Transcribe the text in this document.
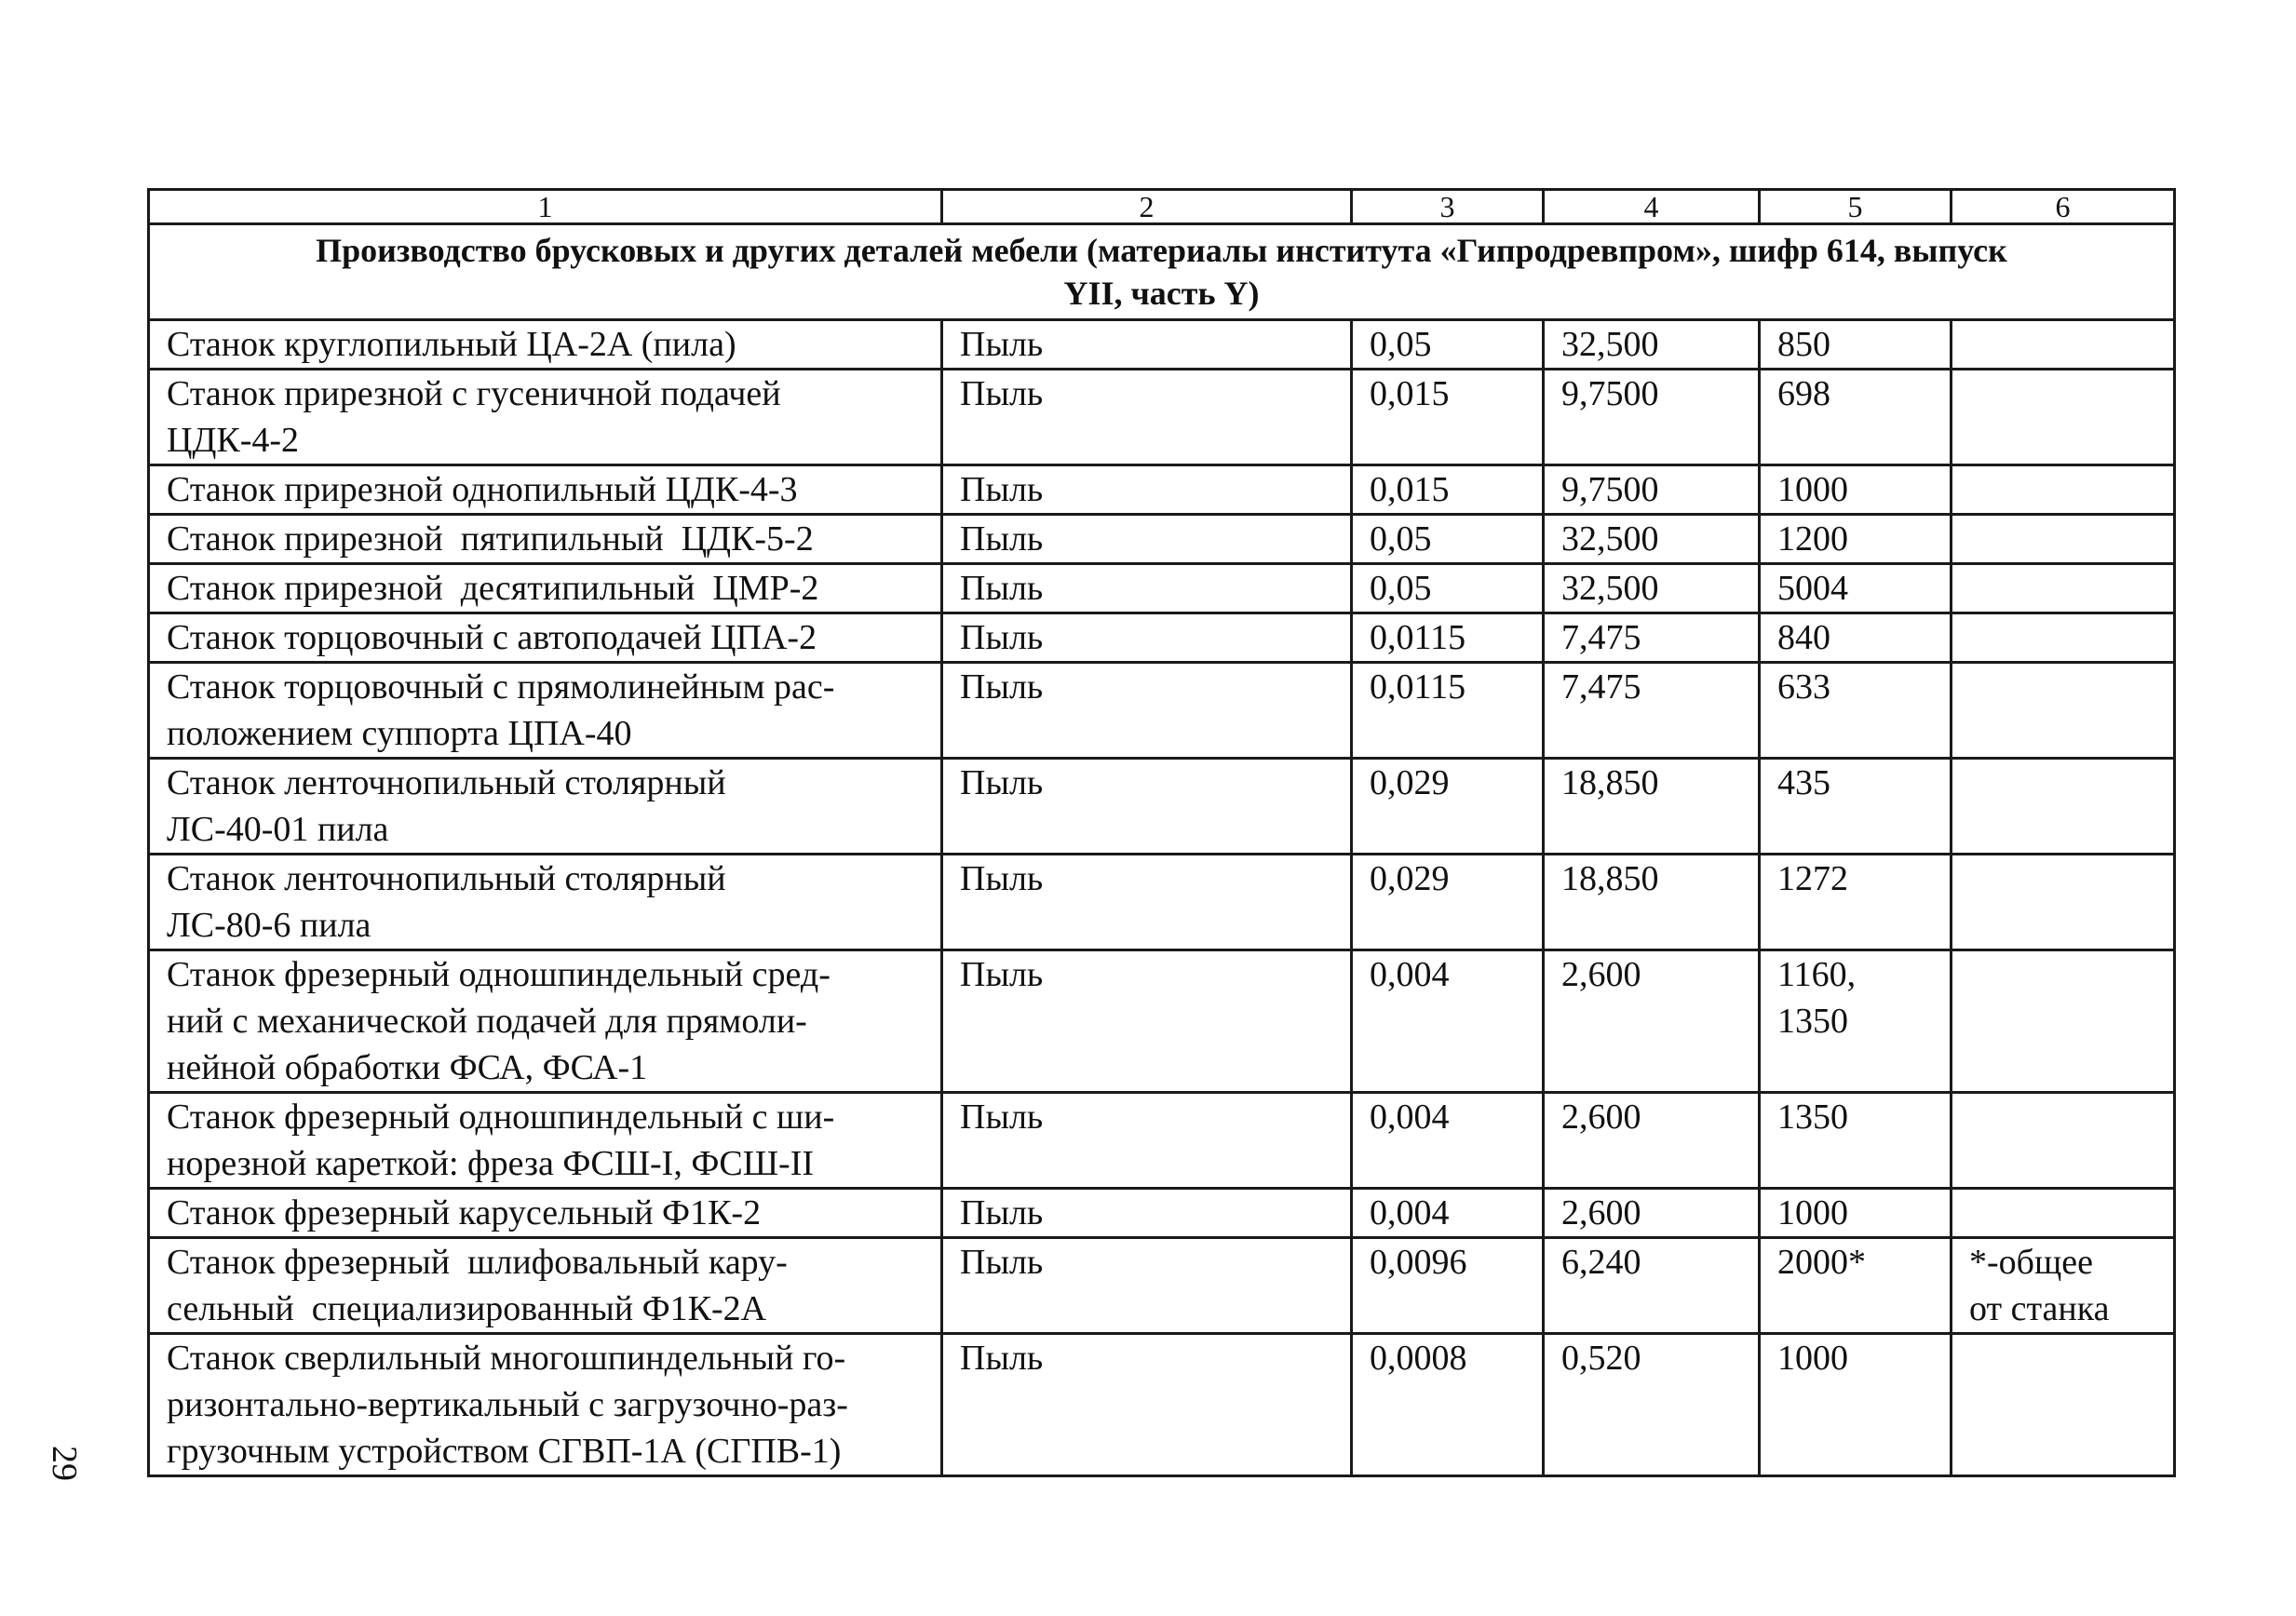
1	2	3	4	5	6

Производство брусковых и других деталей мебели (материалы института «Гипродревпром», шифр 614, выпуск
YII, часть Y)					

Станок круглопильный ЦА-2А (пила)	Пыль	0,05	32,500	850	

Станок прирезной с гусеничной подачей
ЦДК-4-2	Пыль	0,015	9,7500	698	

Станок прирезной однопильный ЦДК-4-3	Пыль	0,015	9,7500	1000	

Станок прирезной  пятипильный  ЦДК-5-2	Пыль	0,05	32,500	1200	

Станок прирезной  десятипильный  ЦМР-2	Пыль	0,05	32,500	5004	

Станок торцовочный с автоподачей ЦПА-2	Пыль	0,0115	7,475	840	

Станок торцовочный с прямолинейным рас-
положением суппорта ЦПА-40	Пыль	0,0115	7,475	633	

Станок ленточнопильный столярный
ЛС-40-01 пила	Пыль	0,029	18,850	435	

Станок ленточнопильный столярный
ЛС-80-6 пила	Пыль	0,029	18,850	1272	

Станок фрезерный одношпиндельный сред-
ний с механической подачей для прямоли-
нейной обработки ФСА, ФСА-1	Пыль	0,004	2,600	1160,
1350	

Станок фрезерный одношпиндельный с ши-
норезной кареткой: фреза ФСШ-I, ФСШ-II	Пыль	0,004	2,600	1350	

Станок фрезерный карусельный Ф1К-2	Пыль	0,004	2,600	1000	

Станок фрезерный  шлифовальный кару-
сельный  специализированный Ф1К-2А	Пыль	0,0096	6,240	2000*	*-общее
от станка

Станок сверлильный многошпиндельный го-
ризонтально-вертикальный с загрузочно-раз-
грузочным устройством СГВП-1А (СГПВ-1)	Пыль	0,0008	0,520	1000	

29
